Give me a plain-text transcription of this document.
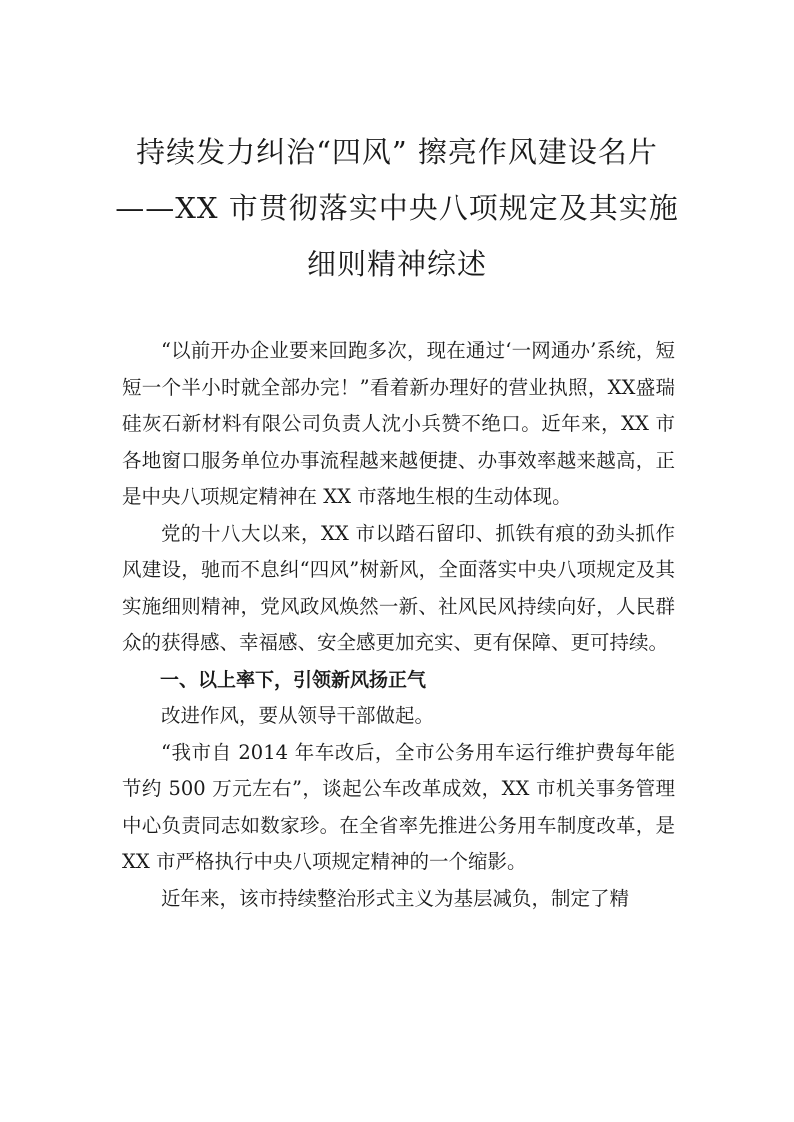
持续发力纠治“四风” 擦亮作风建设名片

——XX 市贯彻落实中央八项规定及其实施

细则精神综述

“以前开办企业要来回跑多次，现在通过‘一网通办’系统，短短一个半小时就全部办完！”看着新办理好的营业执照，XX盛瑞硅灰石新材料有限公司负责人沈小兵赞不绝口。近年来，XX 市各地窗口服务单位办事流程越来越便捷、办事效率越来越高，正是中央八项规定精神在 XX 市落地生根的生动体现。

党的十八大以来，XX 市以踏石留印、抓铁有痕的劲头抓作风建设，驰而不息纠“四风”树新风，全面落实中央八项规定及其实施细则精神，党风政风焕然一新、社风民风持续向好，人民群众的获得感、幸福感、安全感更加充实、更有保障、更可持续。

一、以上率下，引领新风扬正气

改进作风，要从领导干部做起。

“我市自 2014 年车改后，全市公务用车运行维护费每年能节约 500 万元左右”，谈起公车改革成效，XX 市机关事务管理中心负责同志如数家珍。在全省率先推进公务用车制度改革，是XX 市严格执行中央八项规定精神的一个缩影。

近年来，该市持续整治形式主义为基层减负，制定了精
